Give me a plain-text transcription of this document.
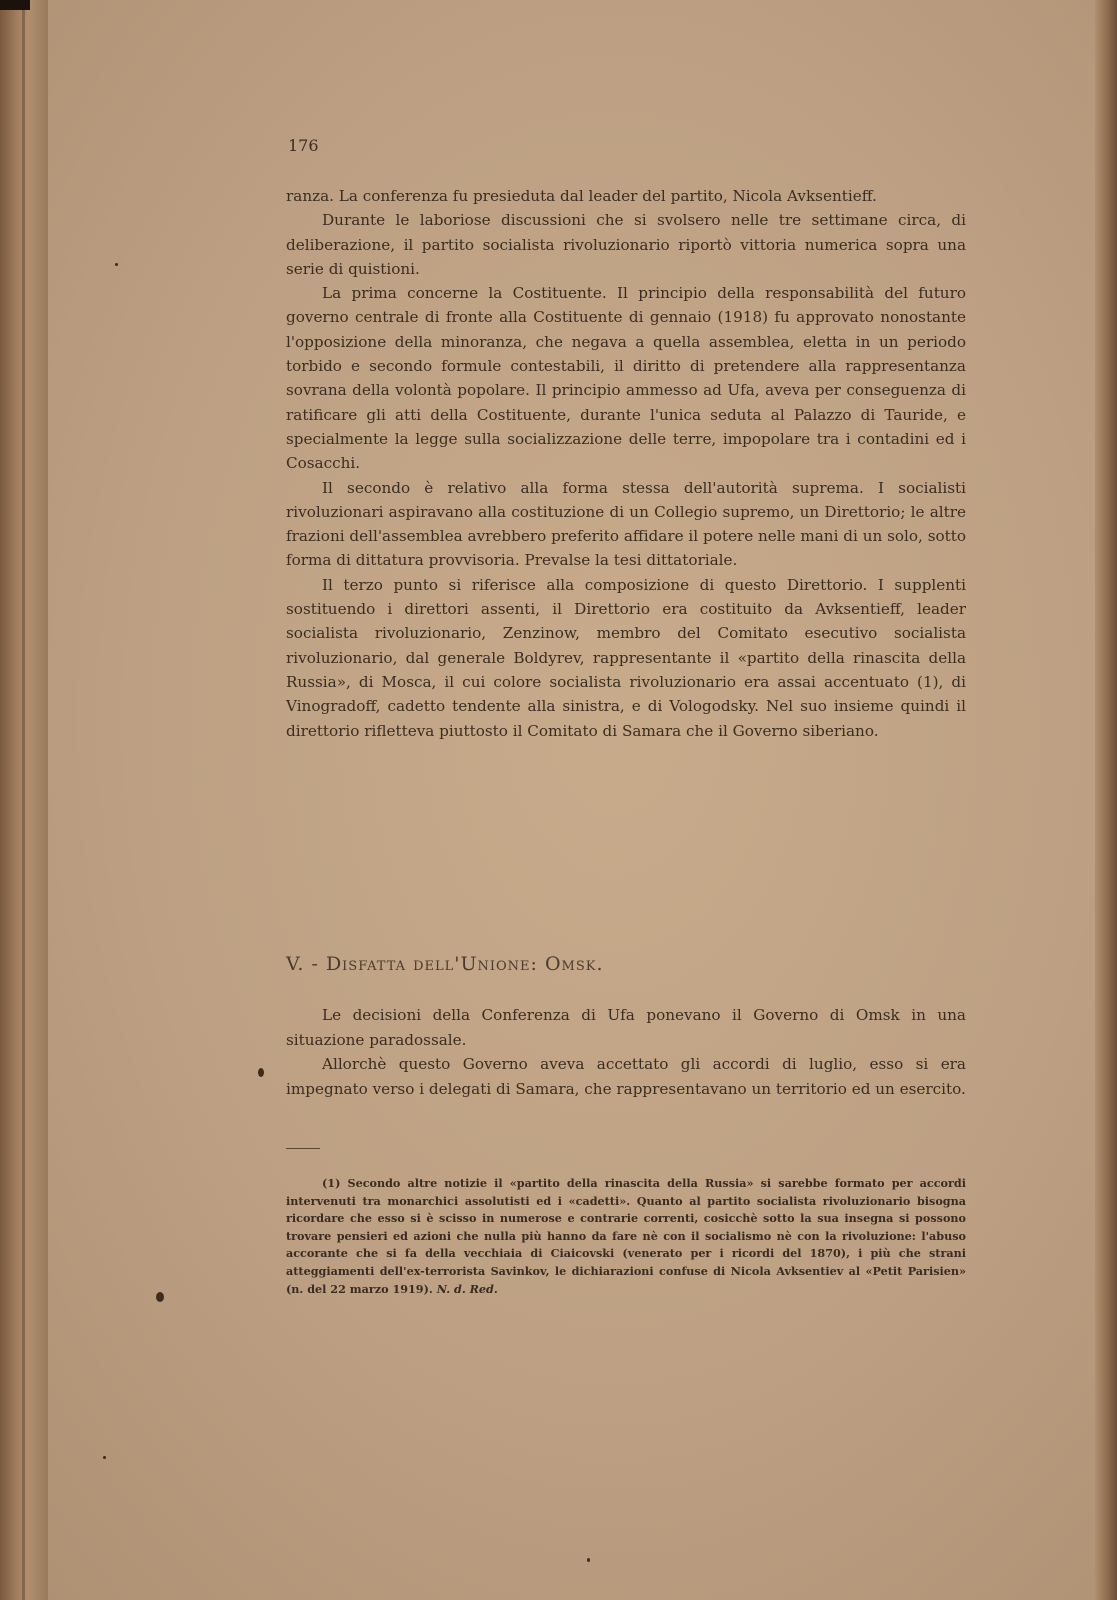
176

ranza. La conferenza fu presieduta dal leader del partito, Nicola Avksentieff.

Durante le laboriose discussioni che si svolsero nelle tre settimane circa, di deliberazione, il partito socialista rivoluzionario riportò vittoria numerica sopra una serie di quistioni.

La prima concerne la Costituente. Il principio della responsabilità del futuro governo centrale di fronte alla Costituente di gennaio (1918) fu approvato nonostante l'opposizione della minoranza, che negava a quella assemblea, eletta in un periodo torbido e secondo formule contestabili, il diritto di pretendere alla rappresentanza sovrana della volontà popolare. Il principio ammesso ad Ufa, aveva per conseguenza di ratificare gli atti della Costituente, durante l'unica seduta al Palazzo di Tauride, e specialmente la legge sulla socializzazione delle terre, impopolare tra i contadini ed i Cosacchi.

Il secondo è relativo alla forma stessa dell'autorità suprema. I socialisti rivoluzionari aspiravano alla costituzione di un Collegio supremo, un Direttorio; le altre frazioni dell'assemblea avrebbero preferito affidare il potere nelle mani di un solo, sotto forma di dittatura provvisoria. Prevalse la tesi dittatoriale.

Il terzo punto si riferisce alla composizione di questo Direttorio. I supplenti sostituendo i direttori assenti, il Direttorio era costituito da Avksentieff, leader socialista rivoluzionario, Zenzinow, membro del Comitato esecutivo socialista rivoluzionario, dal generale Boldyrev, rappresentante il «partito della rinascita della Russia», di Mosca, il cui colore socialista rivoluzionario era assai accentuato (1), di Vinogradoff, cadetto tendente alla sinistra, e di Vologodsky. Nel suo insieme quindi il direttorio rifletteva piuttosto il Comitato di Samara che il Governo siberiano.

V. - Disfatta dell'Unione: Omsk.

Le decisioni della Conferenza di Ufa ponevano il Governo di Omsk in una situazione paradossale.

Allorchè questo Governo aveva accettato gli accordi di luglio, esso si era impegnato verso i delegati di Samara, che rappresentavano un territorio ed un esercito.

(1) Secondo altre notizie il «partito della rinascita della Russia» si sarebbe formato per accordi intervenuti tra monarchici assolutisti ed i «cadetti». Quanto al partito socialista rivoluzionario bisogna ricordare che esso si è scisso in numerose e contrarie correnti, cosicchè sotto la sua insegna si possono trovare pensieri ed azioni che nulla più hanno da fare nè con il socialismo nè con la rivoluzione: l'abuso accorante che si fa della vecchiaia di Ciaicovski (venerato per i ricordi del 1870), i più che strani atteggiamenti dell'ex-terrorista Savinkov, le dichiarazioni confuse di Nicola Avksentiev al «Petit Parisien» (n. del 22 marzo 1919). N. d. Red.
